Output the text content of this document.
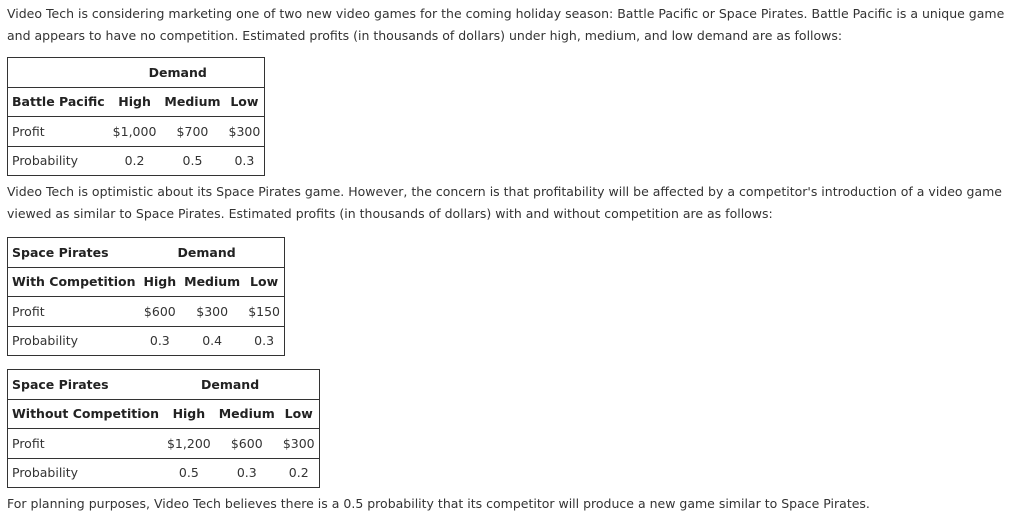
Video Tech is considering marketing one of two new video games for the coming holiday season: Battle Pacific or Space Pirates. Battle Pacific is a unique game and appears to have no competition. Estimated profits (in thousands of dollars) under high, medium, and low demand are as follows:

	Demand		
Battle Pacific	High	Medium	Low
Profit	$1,000	$700	$300
Probability	0.2	0.5	0.3

Video Tech is optimistic about its Space Pirates game. However, the concern is that profitability will be affected by a competitor's introduction of a video game viewed as similar to Space Pirates. Estimated profits (in thousands of dollars) with and without competition are as follows:

Space Pirates	Demand		
With Competition	High	Medium	Low
Profit	$600	$300	$150
Probability	0.3	0.4	0.3
Space Pirates	Demand		
Without Competition	High	Medium	Low
Profit	$1,200	$600	$300
Probability	0.5	0.3	0.2

For planning purposes, Video Tech believes there is a 0.5 probability that its competitor will produce a new game similar to Space Pirates.
